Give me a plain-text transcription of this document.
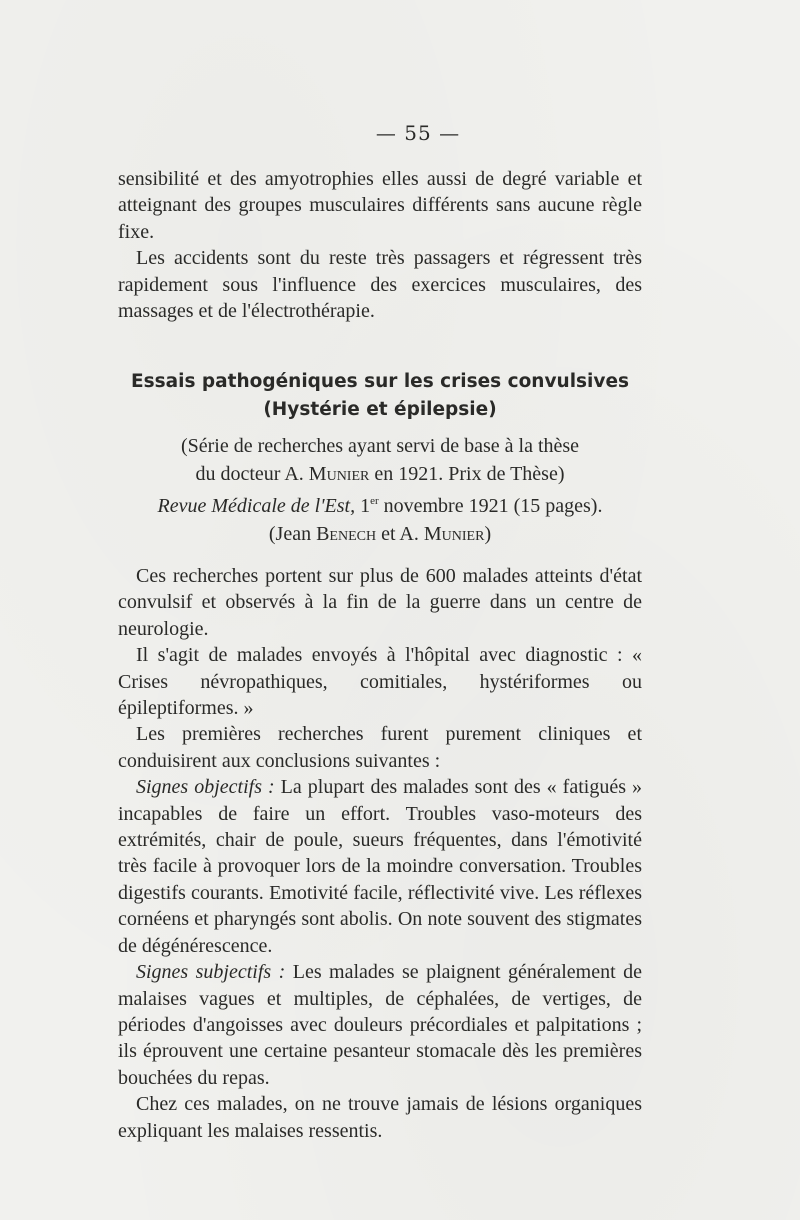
— 55 —

sensibilité et des amyotrophies elles aussi de degré variable et atteignant des groupes musculaires différents sans aucune règle fixe.

Les accidents sont du reste très passagers et régressent très rapidement sous l'influence des exercices musculaires, des massages et de l'électrothérapie.

Essais pathogéniques sur les crises convulsives
(Hystérie et épilepsie)
(Série de recherches ayant servi de base à la thèse
du docteur A. Munier en 1921. Prix de Thèse)
Revue Médicale de l'Est, 1er novembre 1921 (15 pages).
(Jean Benech et A. Munier)

Ces recherches portent sur plus de 600 malades atteints d'état convulsif et observés à la fin de la guerre dans un centre de neurologie.

Il s'agit de malades envoyés à l'hôpital avec diagnostic : « Crises névropathiques, comitiales, hystériformes ou épileptiformes. »

Les premières recherches furent purement cliniques et conduisirent aux conclusions suivantes :

Signes objectifs : La plupart des malades sont des « fatigués » incapables de faire un effort. Troubles vaso-moteurs des extrémités, chair de poule, sueurs fréquentes, dans l'émotivité très facile à provoquer lors de la moindre conversation. Troubles digestifs courants. Emotivité facile, réflectivité vive. Les réflexes cornéens et pharyngés sont abolis. On note souvent des stigmates de dégénérescence.

Signes subjectifs : Les malades se plaignent généralement de malaises vagues et multiples, de céphalées, de vertiges, de périodes d'angoisses avec douleurs précordiales et palpitations ; ils éprouvent une certaine pesanteur stomacale dès les premières bouchées du repas.

Chez ces malades, on ne trouve jamais de lésions organiques expliquant les malaises ressentis.
